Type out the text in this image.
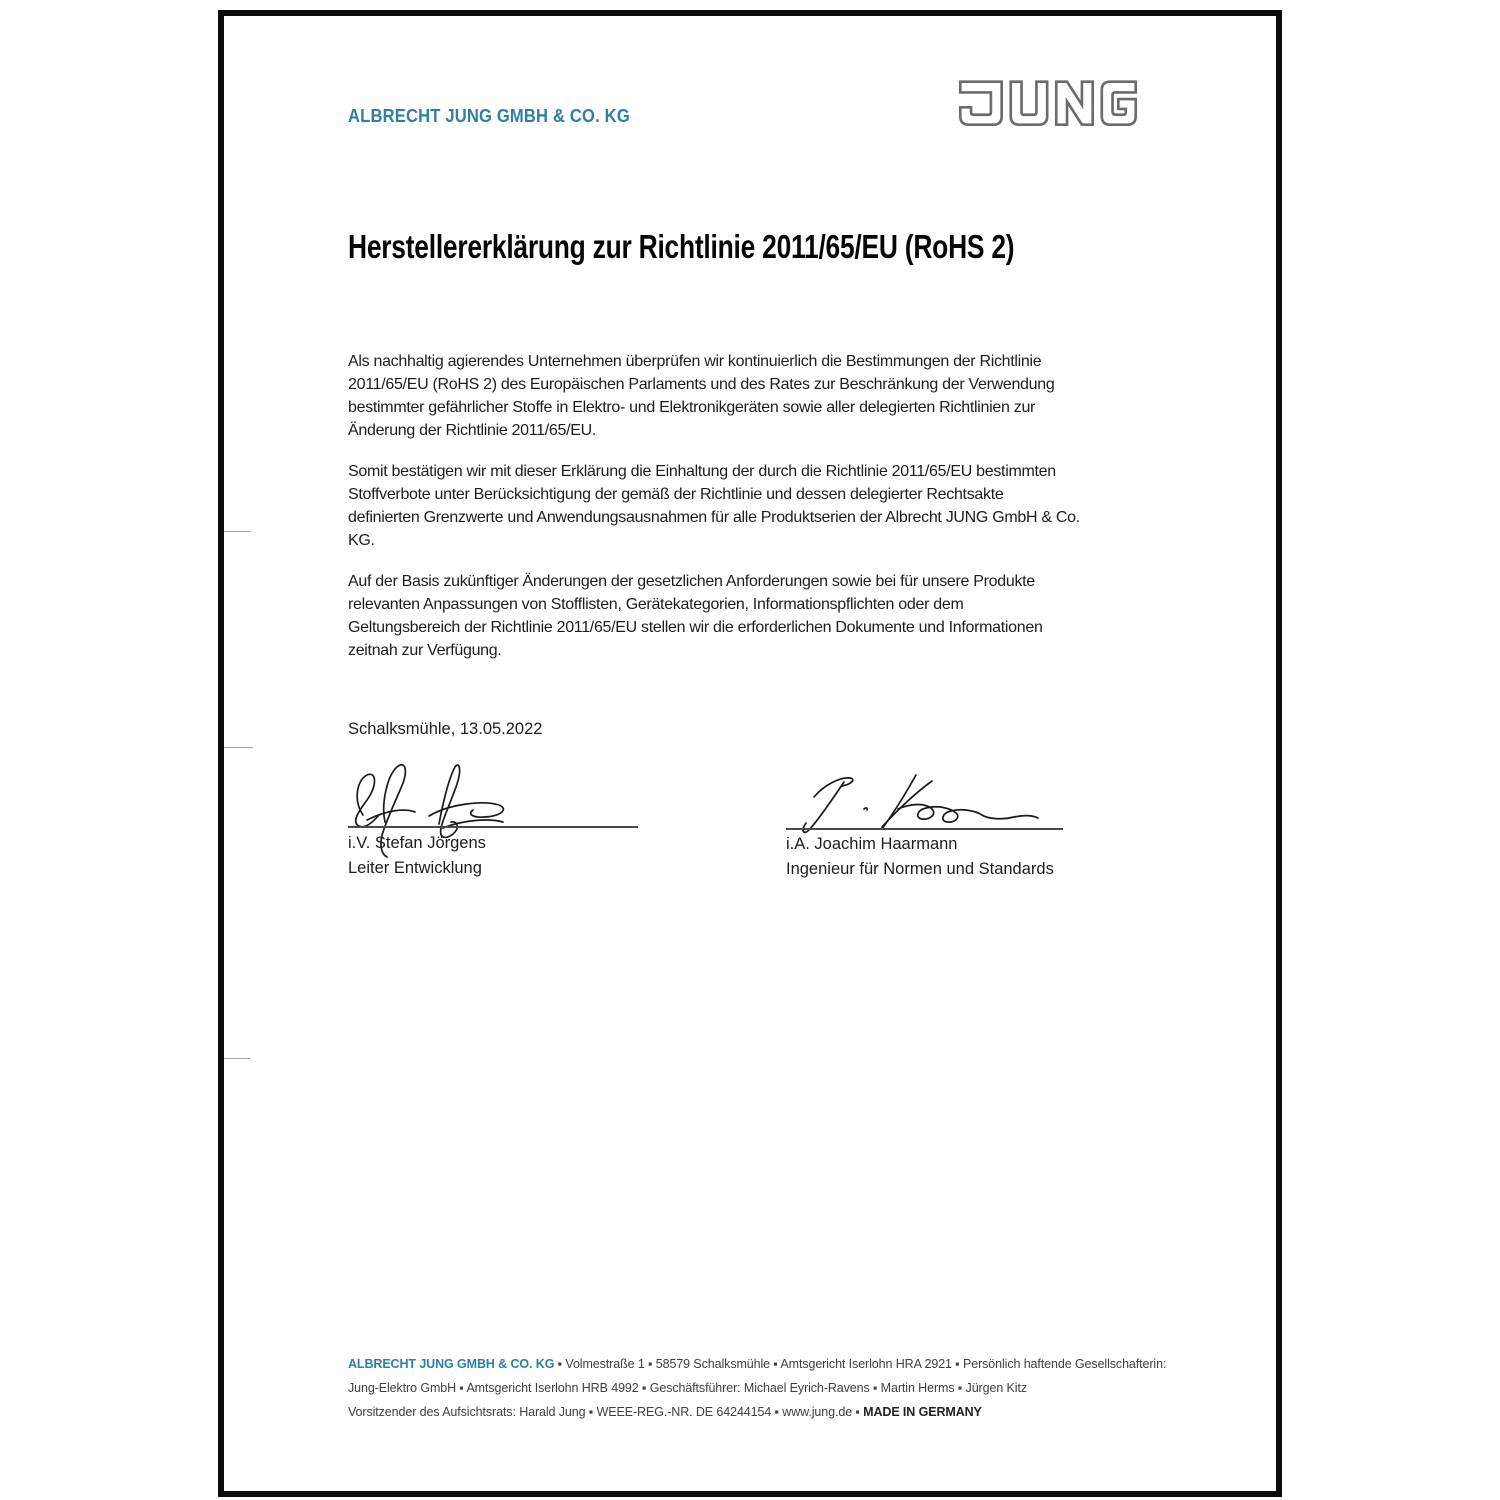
ALBRECHT JUNG GMBH & CO. KG
Herstellererklärung zur Richtlinie 2011/65/EU (RoHS 2)
Als nachhaltig agierendes Unternehmen überprüfen wir kontinuierlich die Bestimmungen der Richtlinie
2011/65/EU (RoHS 2) des Europäischen Parlaments und des Rates zur Beschränkung der Verwendung
bestimmter gefährlicher Stoffe in Elektro- und Elektronikgeräten sowie aller delegierten Richtlinien zur
Änderung der Richtlinie 2011/65/EU.
Somit bestätigen wir mit dieser Erklärung die Einhaltung der durch die Richtlinie 2011/65/EU bestimmten
Stoffverbote unter Berücksichtigung der gemäß der Richtlinie und dessen delegierter Rechtsakte
definierten Grenzwerte und Anwendungsausnahmen für alle Produktserien der Albrecht JUNG GmbH & Co.
KG.
Auf der Basis zukünftiger Änderungen der gesetzlichen Anforderungen sowie bei für unsere Produkte
relevanten Anpassungen von Stofflisten, Gerätekategorien, Informationspflichten oder dem
Geltungsbereich der Richtlinie 2011/65/EU stellen wir die erforderlichen Dokumente und Informationen
zeitnah zur Verfügung.
Schalksmühle, 13.05.2022
i.V. Stefan Jörgens
Leiter Entwicklung
i.A. Joachim Haarmann
Ingenieur für Normen und Standards
ALBRECHT JUNG GMBH & CO. KG ▪ Volmestraße 1 ▪ 58579 Schalksmühle ▪ Amtsgericht Iserlohn HRA 2921 ▪ Persönlich haftende Gesellschafterin:
Jung-Elektro GmbH ▪ Amtsgericht Iserlohn HRB 4992 ▪ Geschäftsführer: Michael Eyrich-Ravens ▪ Martin Herms ▪ Jürgen Kitz
Vorsitzender des Aufsichtsrats: Harald Jung ▪ WEEE-REG.-NR. DE 64244154 ▪ www.jung.de ▪ MADE IN GERMANY
